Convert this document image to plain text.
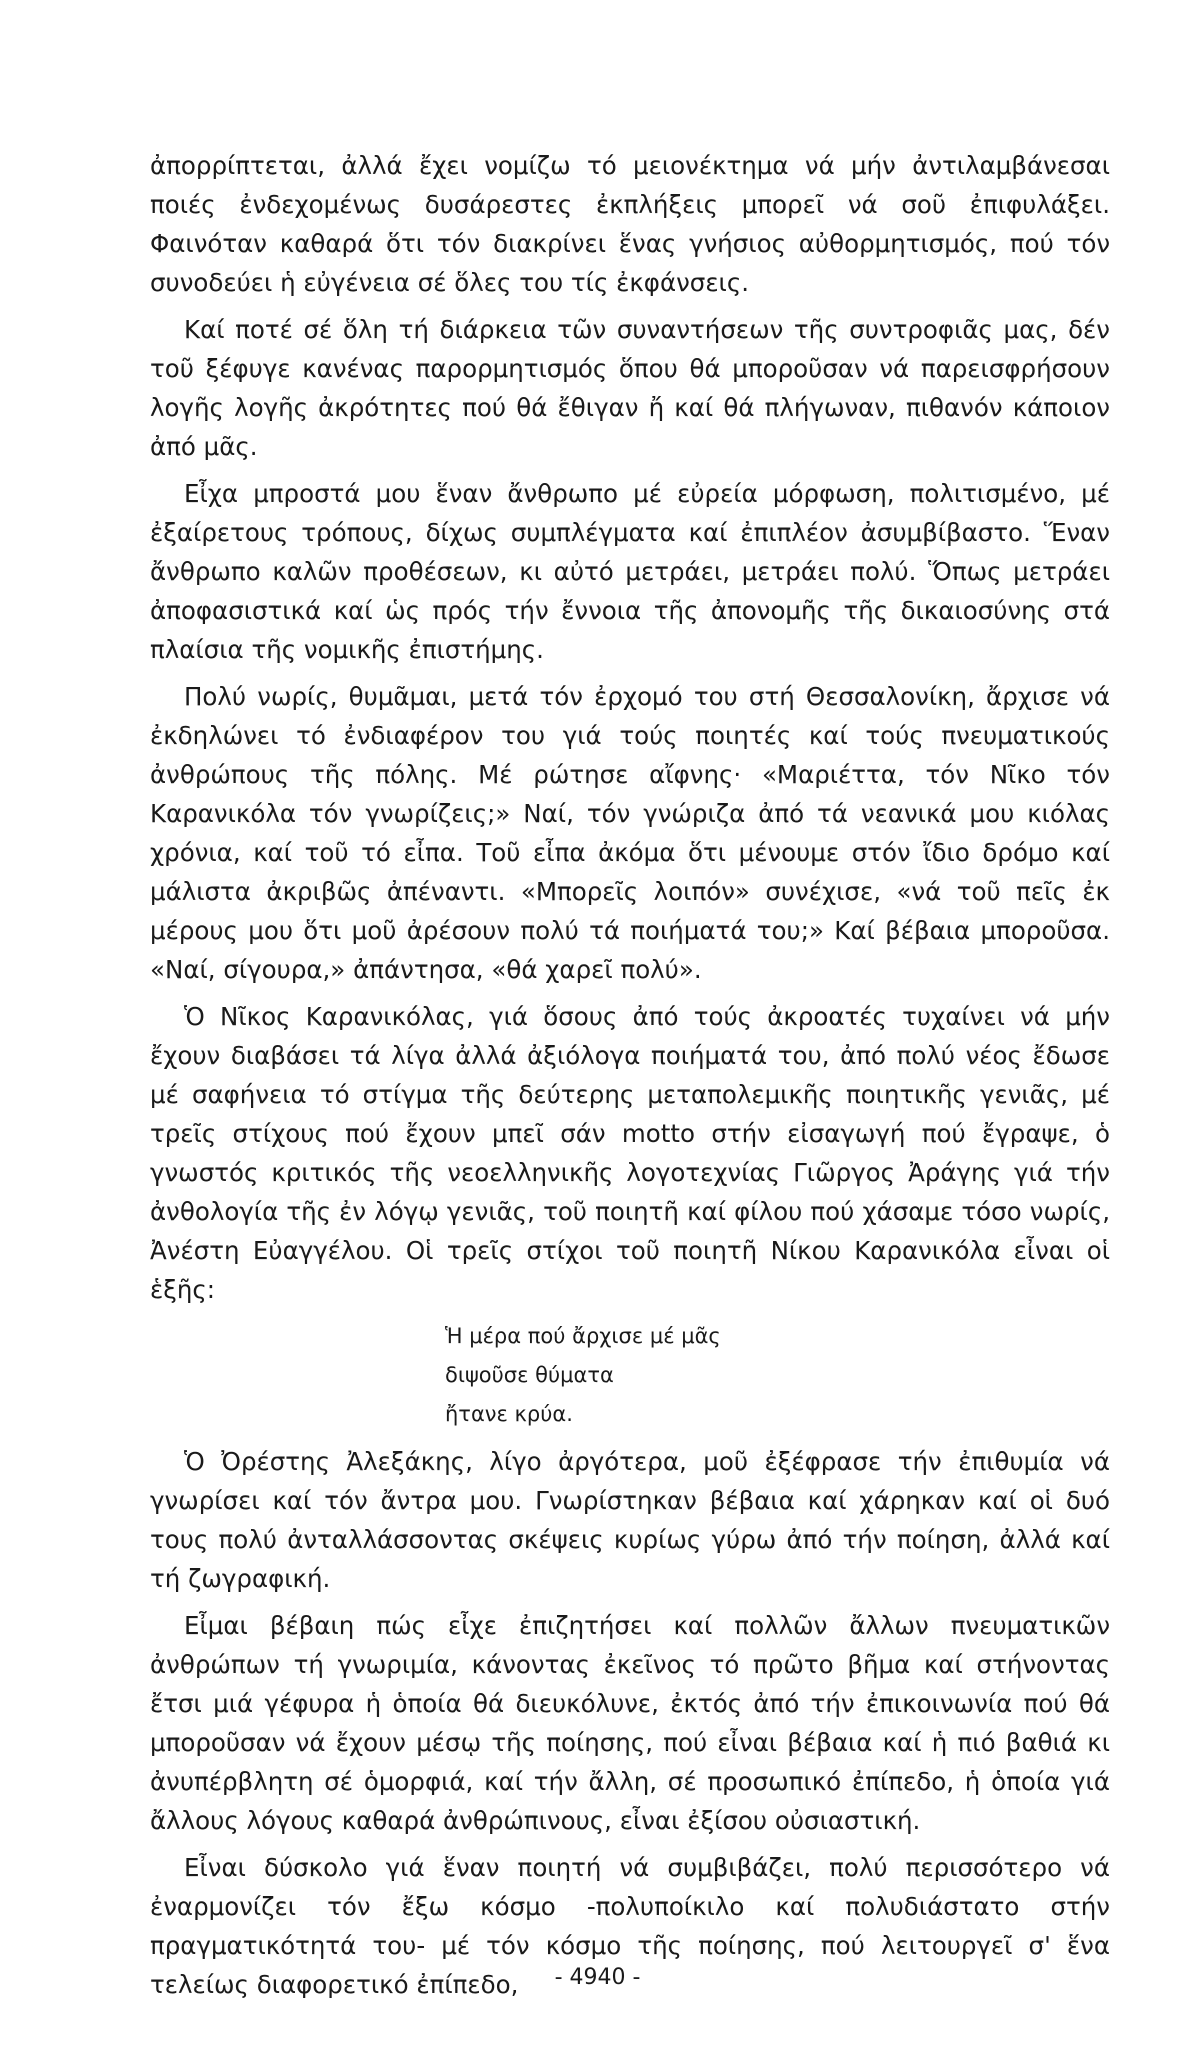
ἀπορρίπτεται, ἀλλά ἔχει νομίζω τό μειονέκτημα νά μήν ἀντιλαμβάνεσαι ποιές ἐνδεχομένως δυσάρεστες ἐκπλήξεις μπορεῖ νά σοῦ ἐπιφυλάξει. Φαινόταν καθαρά ὅτι τόν διακρίνει ἕνας γνήσιος αὐθορμητισμός, πού τόν συνοδεύει ἡ εὐγένεια σέ ὅλες του τίς ἐκφάνσεις.

Καί ποτέ σέ ὅλη τή διάρκεια τῶν συναντήσεων τῆς συντροφιᾶς μας, δέν τοῦ ξέφυγε κανένας παρορμητισμός ὅπου θά μποροῦσαν νά παρεισφρήσουν λογῆς λογῆς ἀκρότητες πού θά ἔθιγαν ἤ καί θά πλήγωναν, πιθανόν κάποιον ἀπό μᾶς.

Εἶχα μπροστά μου ἕναν ἄνθρωπο μέ εὐρεία μόρφωση, πολιτισμένο, μέ ἐξαίρετους τρόπους, δίχως συμπλέγματα καί ἐπιπλέον ἀσυμβίβαστο. Ἕναν ἄνθρωπο καλῶν προθέσεων, κι αὐτό μετράει, μετράει πολύ. Ὅπως μετράει ἀποφασιστικά καί ὡς πρός τήν ἔννοια τῆς ἀπονομῆς τῆς δικαιοσύνης στά πλαίσια τῆς νομικῆς ἐπιστήμης.

Πολύ νωρίς, θυμᾶμαι, μετά τόν ἐρχομό του στή Θεσσαλονίκη, ἄρχισε νά ἐκδηλώνει τό ἐνδιαφέρον του γιά τούς ποιητές καί τούς πνευματικούς ἀνθρώπους τῆς πόλης. Μέ ρώτησε αἴφνης· «Μαριέττα, τόν Νῖκο τόν Καρανικόλα τόν γνωρίζεις;» Ναί, τόν γνώριζα ἀπό τά νεανικά μου κιόλας χρόνια, καί τοῦ τό εἶπα. Τοῦ εἶπα ἀκόμα ὅτι μένουμε στόν ἴδιο δρόμο καί μάλιστα ἀκριβῶς ἀπέναντι. «Μπορεῖς λοιπόν» συνέχισε, «νά τοῦ πεῖς ἐκ μέρους μου ὅτι μοῦ ἀρέσουν πολύ τά ποιήματά του;» Καί βέβαια μποροῦσα. «Ναί, σίγουρα,» ἀπάντησα, «θά χαρεῖ πολύ».

Ὁ Νῖκος Καρανικόλας, γιά ὅσους ἀπό τούς ἀκροατές τυχαίνει νά μήν ἔχουν διαβάσει τά λίγα ἀλλά ἀξιόλογα ποιήματά του, ἀπό πολύ νέος ἔδωσε μέ σαφήνεια τό στίγμα τῆς δεύτερης μεταπολεμικῆς ποιητικῆς γενιᾶς, μέ τρεῖς στίχους πού ἔχουν μπεῖ σάν motto στήν εἰσαγωγή πού ἔγραψε, ὁ γνωστός κριτικός τῆς νεοελληνικῆς λογοτεχνίας Γιῶργος Ἀράγης γιά τήν ἀνθολογία τῆς ἐν λόγῳ γενιᾶς, τοῦ ποιητῆ καί φίλου πού χάσαμε τόσο νωρίς, Ἀνέστη Εὐαγγέλου. Οἱ τρεῖς στίχοι τοῦ ποιητῆ Νίκου Καρανικόλα εἶναι οἱ ἑξῆς:

Ἡ μέρα πού ἄρχισε μέ μᾶς
διψοῦσε θύματα
ἤτανε κρύα.

Ὁ Ὀρέστης Ἀλεξάκης, λίγο ἀργότερα, μοῦ ἐξέφρασε τήν ἐπιθυμία νά γνωρίσει καί τόν ἄντρα μου. Γνωρίστηκαν βέβαια καί χάρηκαν καί οἱ δυό τους πολύ ἀνταλλάσσοντας σκέψεις κυρίως γύρω ἀπό τήν ποίηση, ἀλλά καί τή ζωγραφική.

Εἶμαι βέβαιη πώς εἶχε ἐπιζητήσει καί πολλῶν ἄλλων πνευματικῶν ἀνθρώπων τή γνωριμία, κάνοντας ἐκεῖνος τό πρῶτο βῆμα καί στήνοντας ἔτσι μιά γέφυρα ἡ ὁποία θά διευκόλυνε, ἐκτός ἀπό τήν ἐπικοινωνία πού θά μποροῦσαν νά ἔχουν μέσῳ τῆς ποίησης, πού εἶναι βέβαια καί ἡ πιό βαθιά κι ἀνυπέρβλητη σέ ὁμορφιά, καί τήν ἄλλη, σέ προσωπικό ἐπίπεδο, ἡ ὁποία γιά ἄλλους λόγους καθαρά ἀνθρώπινους, εἶναι ἐξίσου οὐσιαστική.

Εἶναι δύσκολο γιά ἕναν ποιητή νά συμβιβάζει, πολύ περισσότερο νά ἐναρμονίζει τόν ἔξω κόσμο -πολυποίκιλο καί πολυδιάστατο στήν πραγματικότητά του- μέ τόν κόσμο τῆς ποίησης, πού λειτουργεῖ σ' ἕνα τελείως διαφορετικό ἐπίπεδο,	- 4940 -
